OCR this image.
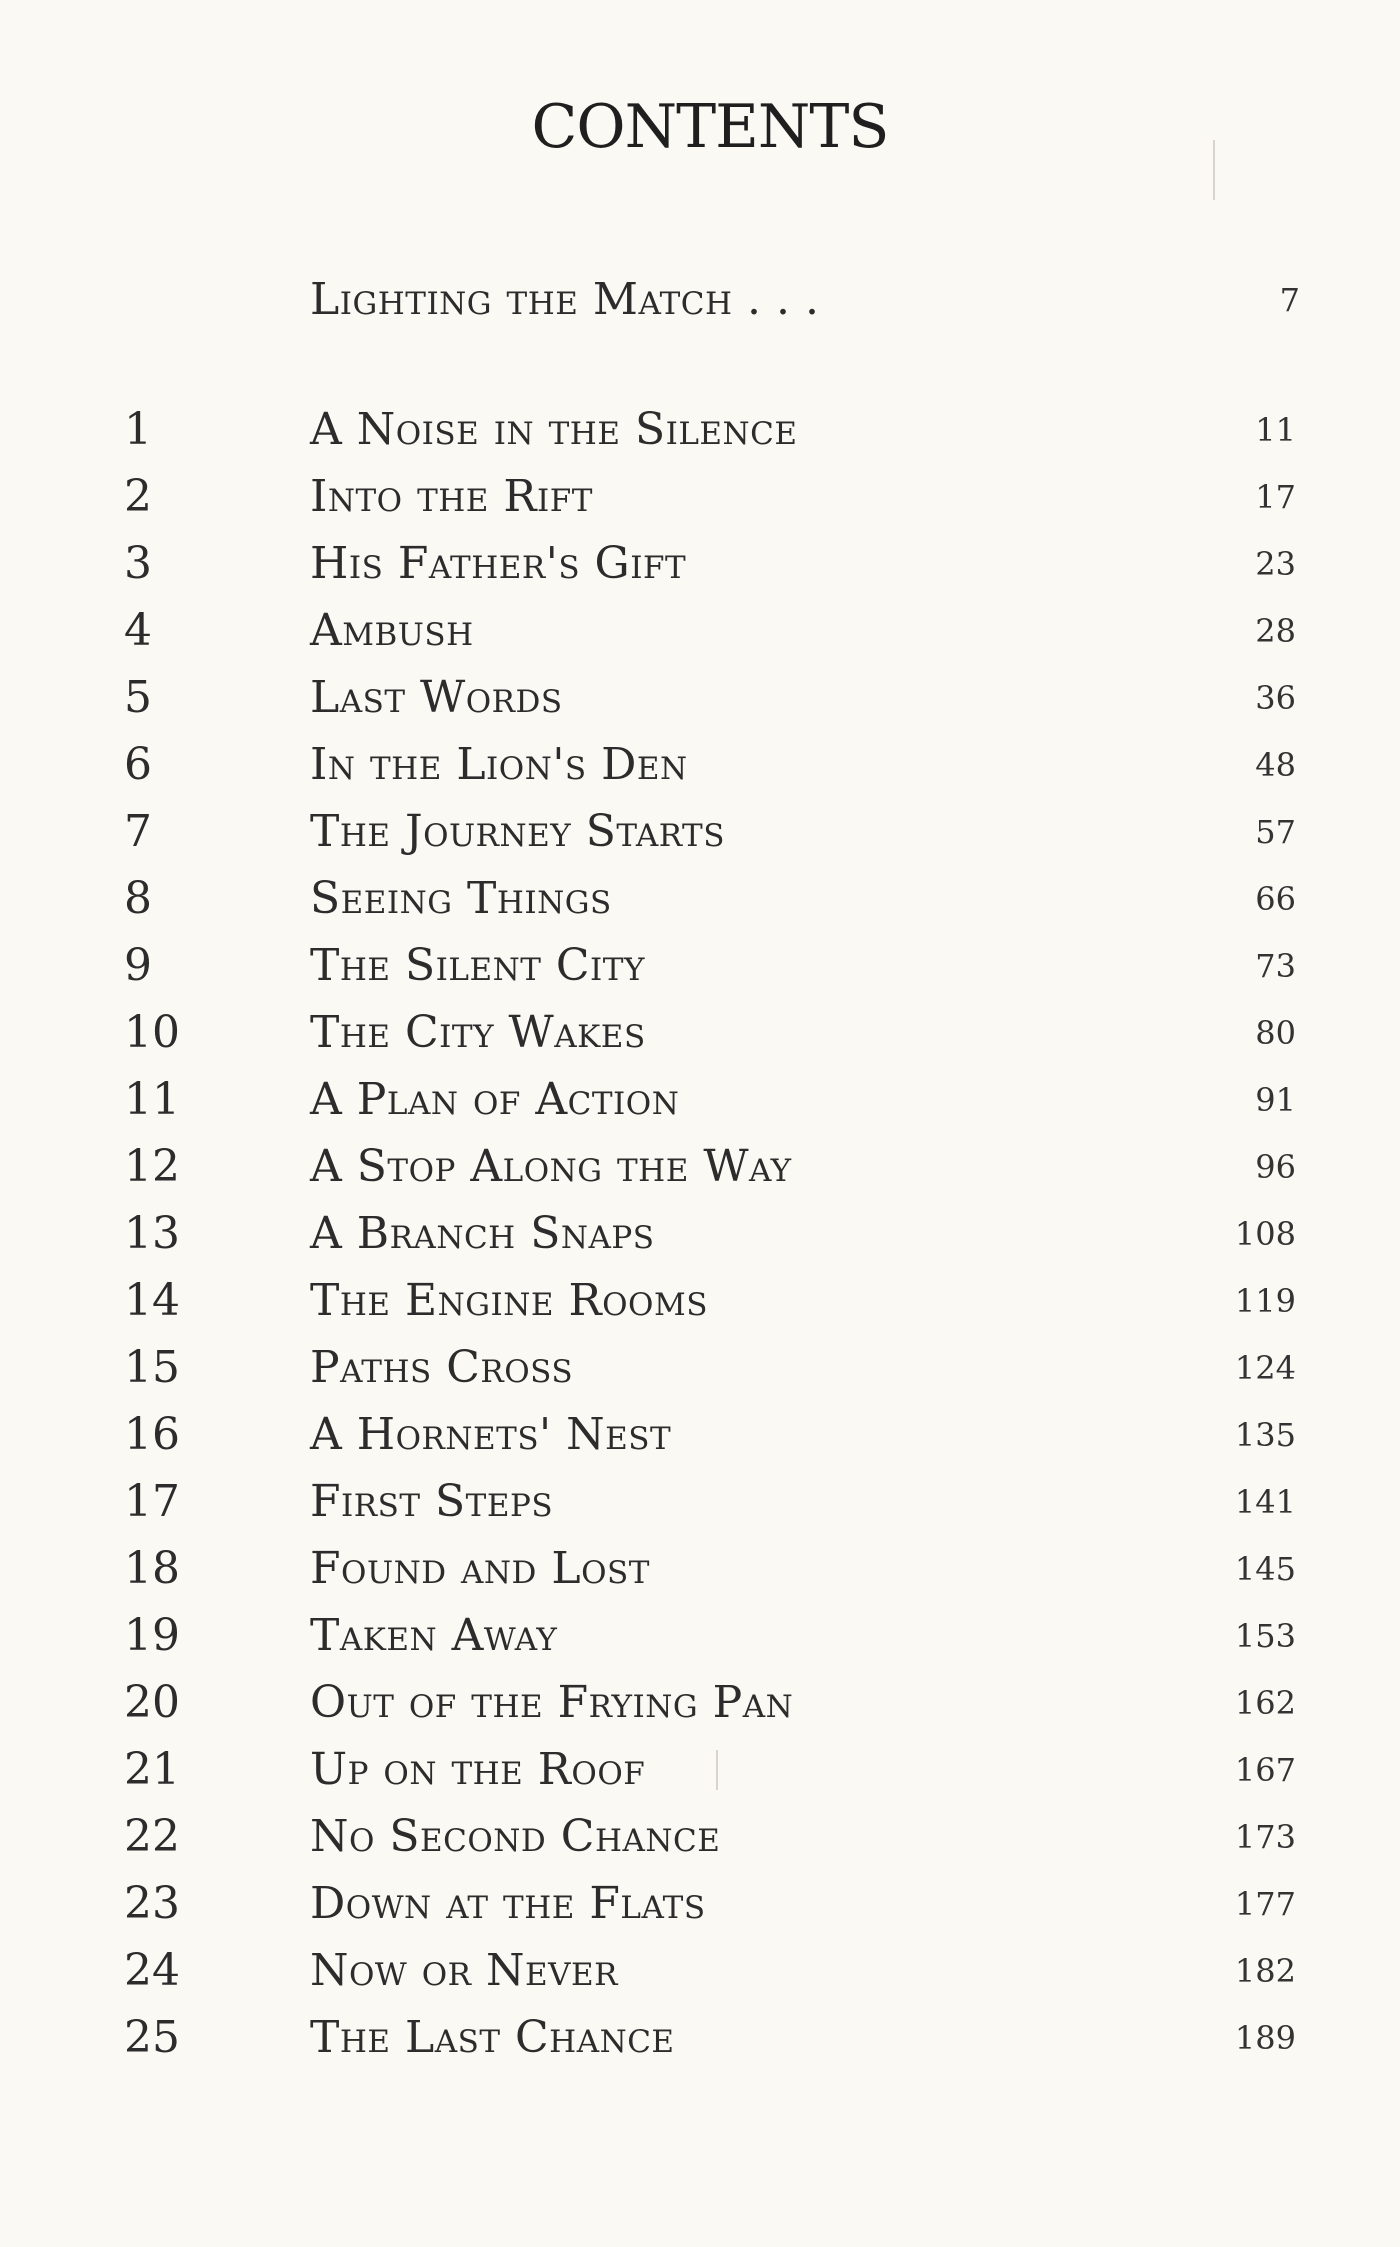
CONTENTS
Lighting the Match . . .	7
1	A Noise in the Silence	11
2	Into the Rift	17
3	His Father's Gift	23
4	Ambush	28
5	Last Words	36
6	In the Lion's Den	48
7	The Journey Starts	57
8	Seeing Things	66
9	The Silent City	73
10	The City Wakes	80
11	A Plan of Action	91
12	A Stop Along the Way	96
13	A Branch Snaps	108
14	The Engine Rooms	119
15	Paths Cross	124
16	A Hornets' Nest	135
17	First Steps	141
18	Found and Lost	145
19	Taken Away	153
20	Out of the Frying Pan	162
21	Up on the Roof	167
22	No Second Chance	173
23	Down at the Flats	177
24	Now or Never	182
25	The Last Chance	189
